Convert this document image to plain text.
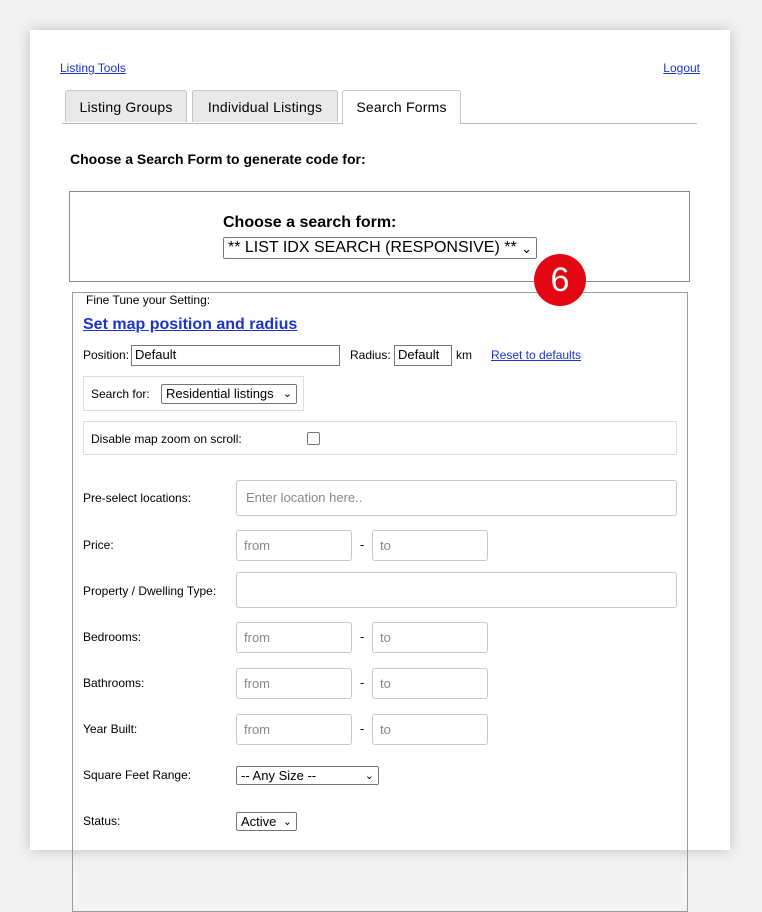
Listing Tools	Logout
Listing Groups	Individual Listings	Search Forms
Choose a Search Form to generate code for:
Choose a search form:
** LIST IDX SEARCH (RESPONSIVE) ** ⌄
6
Fine Tune your Setting:
Set map position and radius
Position: Default	Radius: Default	km Reset to defaults
Search for:	Residential listings ⌄
Disable map zoom on scroll:
Pre-select locations:	Enter location here..
Price:	from	-	to
Property / Dwelling Type:
Bedrooms:	from	-	to
Bathrooms:	from	-	to
Year Built:	from	-	to
Square Feet Range:	-- Any Size --	⌄
Status:	Active ⌄
